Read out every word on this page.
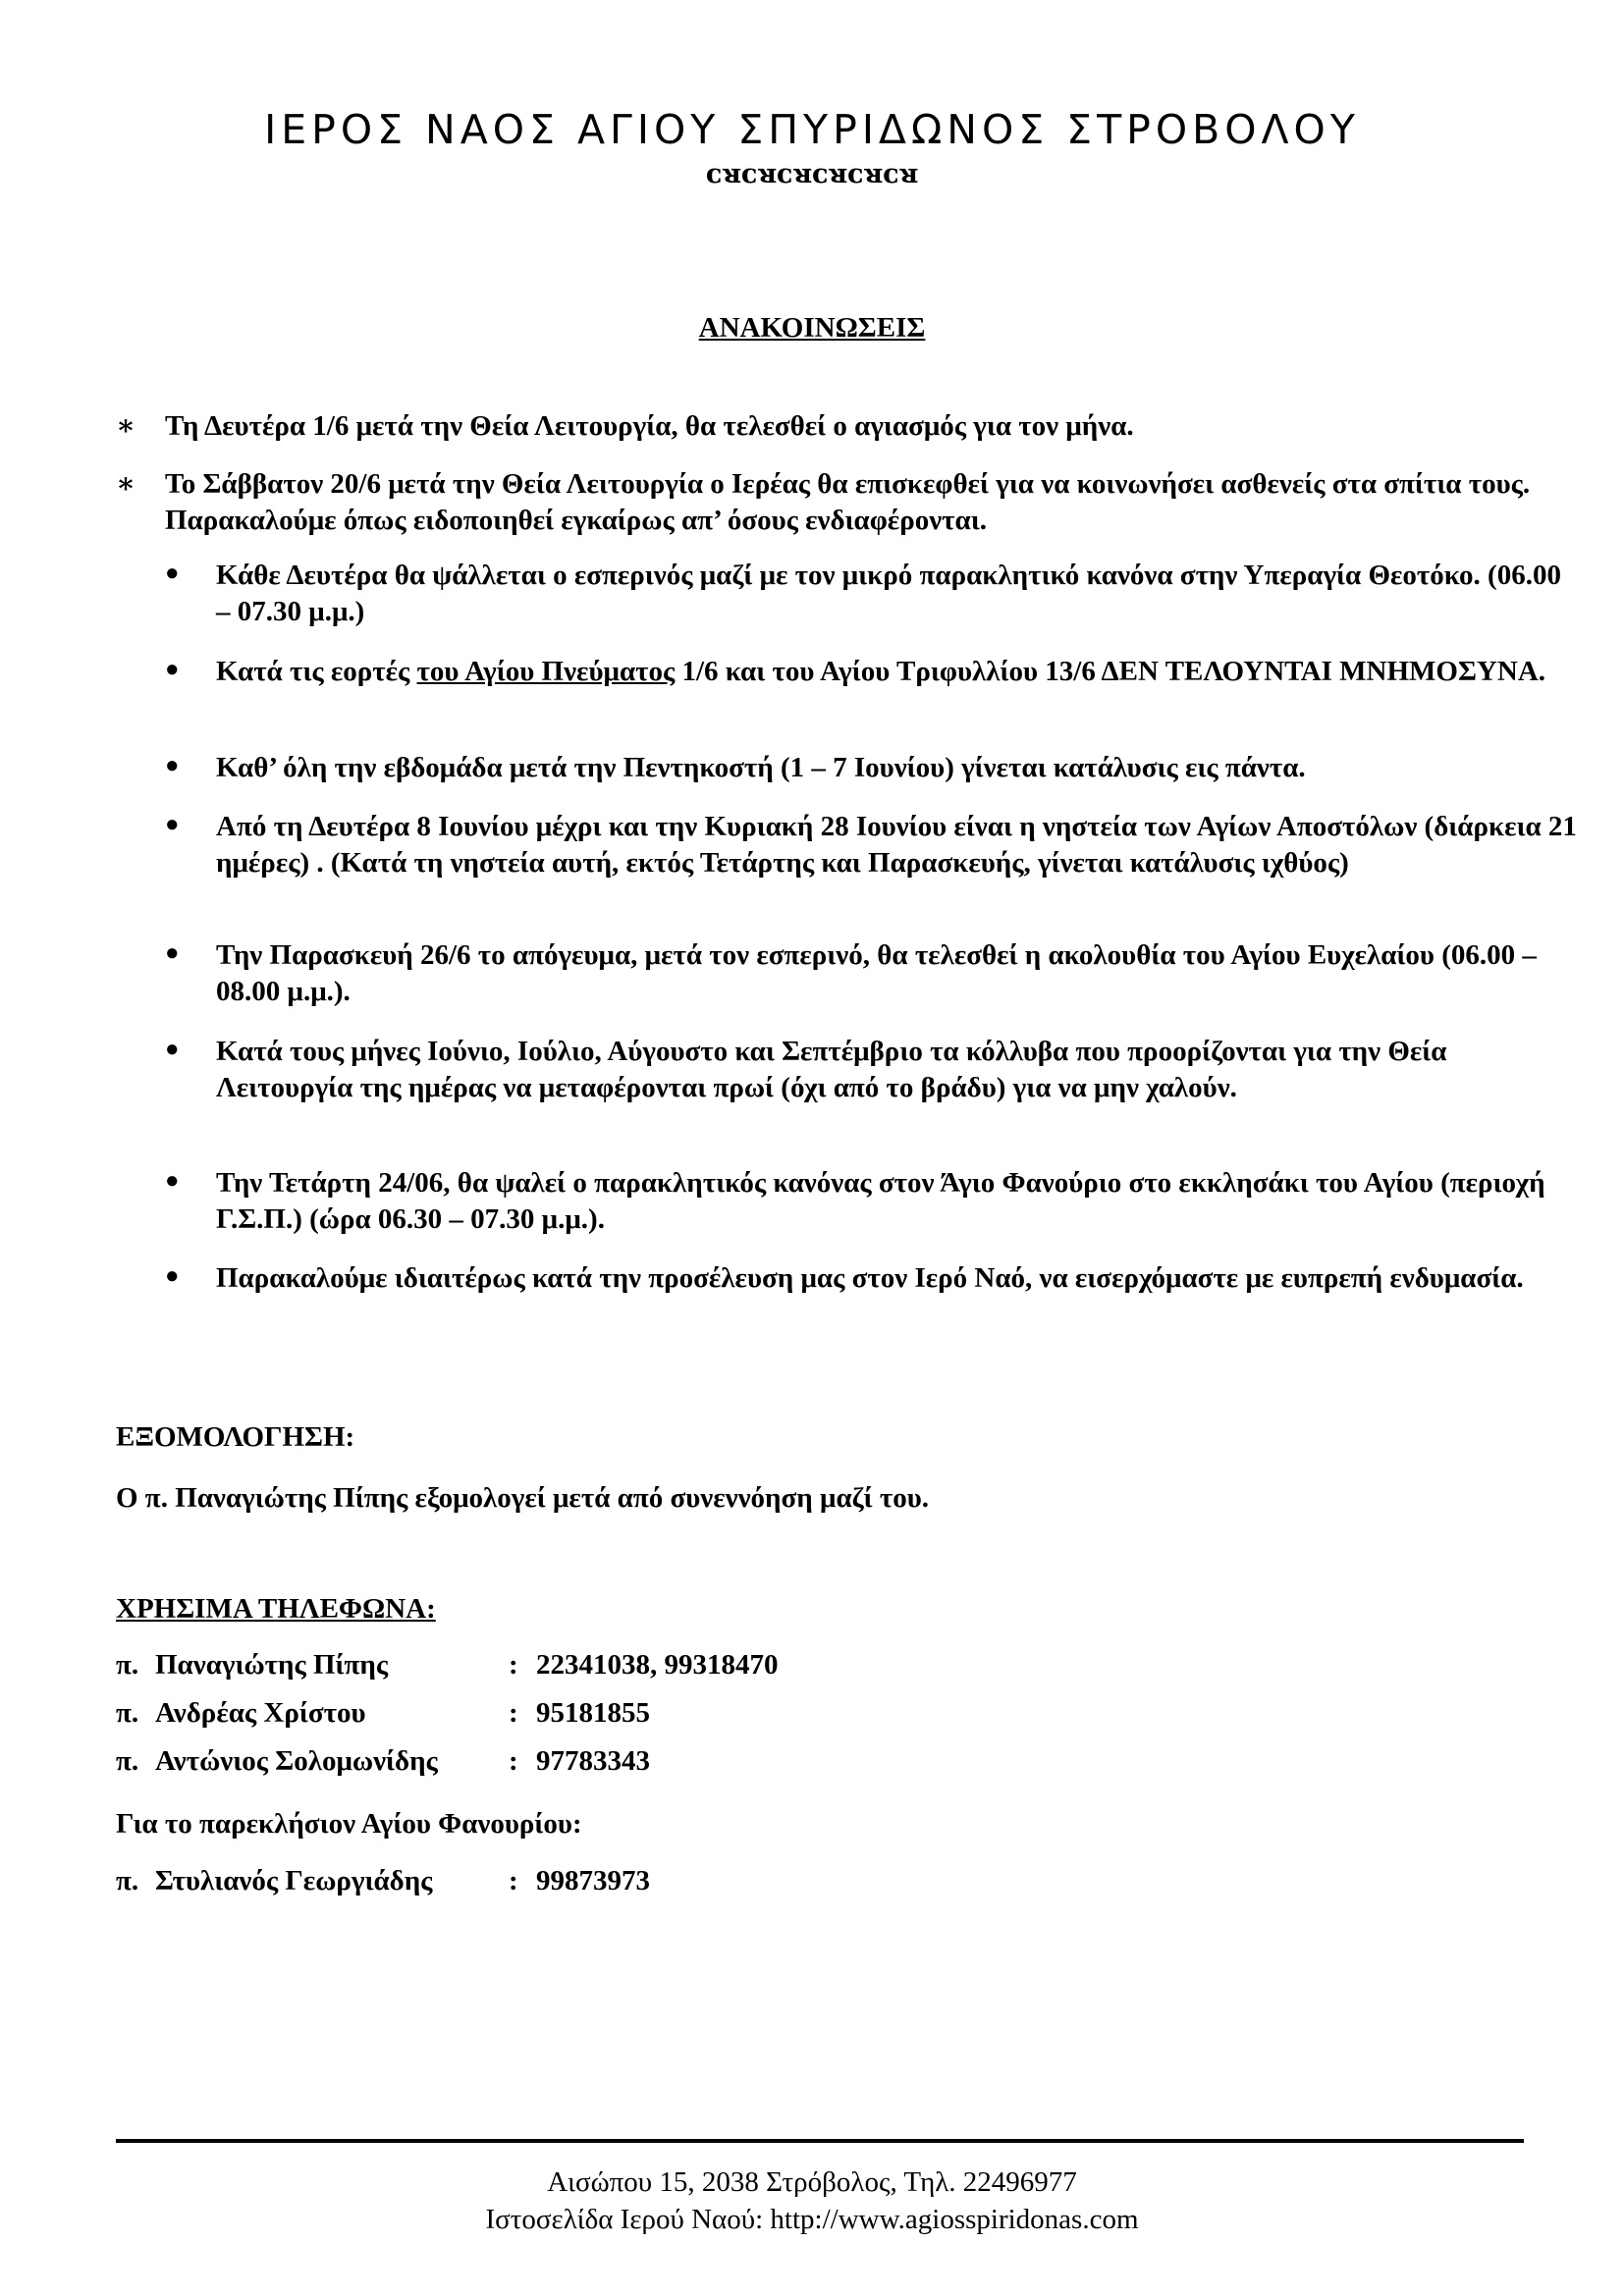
ΙΕΡΟΣ ΝΑΟΣ ΑΓΙΟΥ ΣΠΥΡΙΔΩΝΟΣ ΣΤΡΟΒΟΛΟΥ
ᴄᴚᴄᴚᴄᴚᴄᴚᴄᴚᴄᴚ
ΑΝΑΚΟΙΝΩΣΕΙΣ
∗ Τη Δευτέρα 1/6 μετά την Θεία Λειτουργία, θα τελεσθεί ο αγιασμός για τον μήνα.
∗ Το Σάββατον 20/6 μετά την Θεία Λειτουργία ο Ιερέας θα επισκεφθεί για να κοινωνήσει ασθενείς στα σπίτια τους. Παρακαλούμε όπως ειδοποιηθεί εγκαίρως απ’ όσους ενδιαφέρονται.
● Κάθε Δευτέρα θα ψάλλεται ο εσπερινός μαζί με τον μικρό παρακλητικό κανόνα στην Υπεραγία Θεοτόκο. (06.00 – 07.30 μ.μ.)
● Κατά τις εορτές του Αγίου Πνεύματος 1/6 και του Αγίου Τριφυλλίου 13/6 ΔΕΝ ΤΕΛΟΥΝΤΑΙ ΜΝΗΜΟΣΥΝΑ.
● Καθ’ όλη την εβδομάδα μετά την Πεντηκοστή (1 – 7 Ιουνίου) γίνεται κατάλυσις εις πάντα.
● Από τη Δευτέρα 8 Ιουνίου μέχρι και την Κυριακή 28 Ιουνίου είναι η νηστεία των Αγίων Αποστόλων (διάρκεια 21 ημέρες) . (Κατά τη νηστεία αυτή, εκτός Τετάρτης και Παρασκευής, γίνεται κατάλυσις ιχθύος)
● Την Παρασκευή 26/6 το απόγευμα, μετά τον εσπερινό, θα τελεσθεί η ακολουθία του Αγίου Ευχελαίου (06.00 – 08.00 μ.μ.).
● Κατά τους μήνες Ιούνιο, Ιούλιο, Αύγουστο και Σεπτέμβριο τα κόλλυβα που προορίζονται για την Θεία Λειτουργία της ημέρας να μεταφέρονται πρωί (όχι από το βράδυ) για να μην χαλούν.
● Την Τετάρτη 24/06, θα ψαλεί ο παρακλητικός κανόνας στον Άγιο Φανούριο στο εκκλησάκι του Αγίου (περιοχή Γ.Σ.Π.) (ώρα 06.30 – 07.30 μ.μ.).
● Παρακαλούμε ιδιαιτέρως κατά την προσέλευση μας στον Ιερό Ναό, να εισερχόμαστε με ευπρεπή ενδυμασία.
ΕΞΟΜΟΛΟΓΗΣΗ:
Ο π. Παναγιώτης Πίπης εξομολογεί μετά από συνεννόηση μαζί του.
ΧΡΗΣΙΜΑ ΤΗΛΕΦΩΝΑ:
π. Παναγιώτης Πίπης	: 22341038, 99318470
π. Ανδρέας Χρίστου	: 95181855
π. Αντώνιος Σολομωνίδης : 97783343
Για το παρεκλήσιον Αγίου Φανουρίου:
π. Στυλιανός Γεωργιάδης	: 99873973
Αισώπου 15, 2038 Στρόβολος, Τηλ. 22496977
Ιστοσελίδα Ιερού Ναού: http://www.agiosspiridonas.com
